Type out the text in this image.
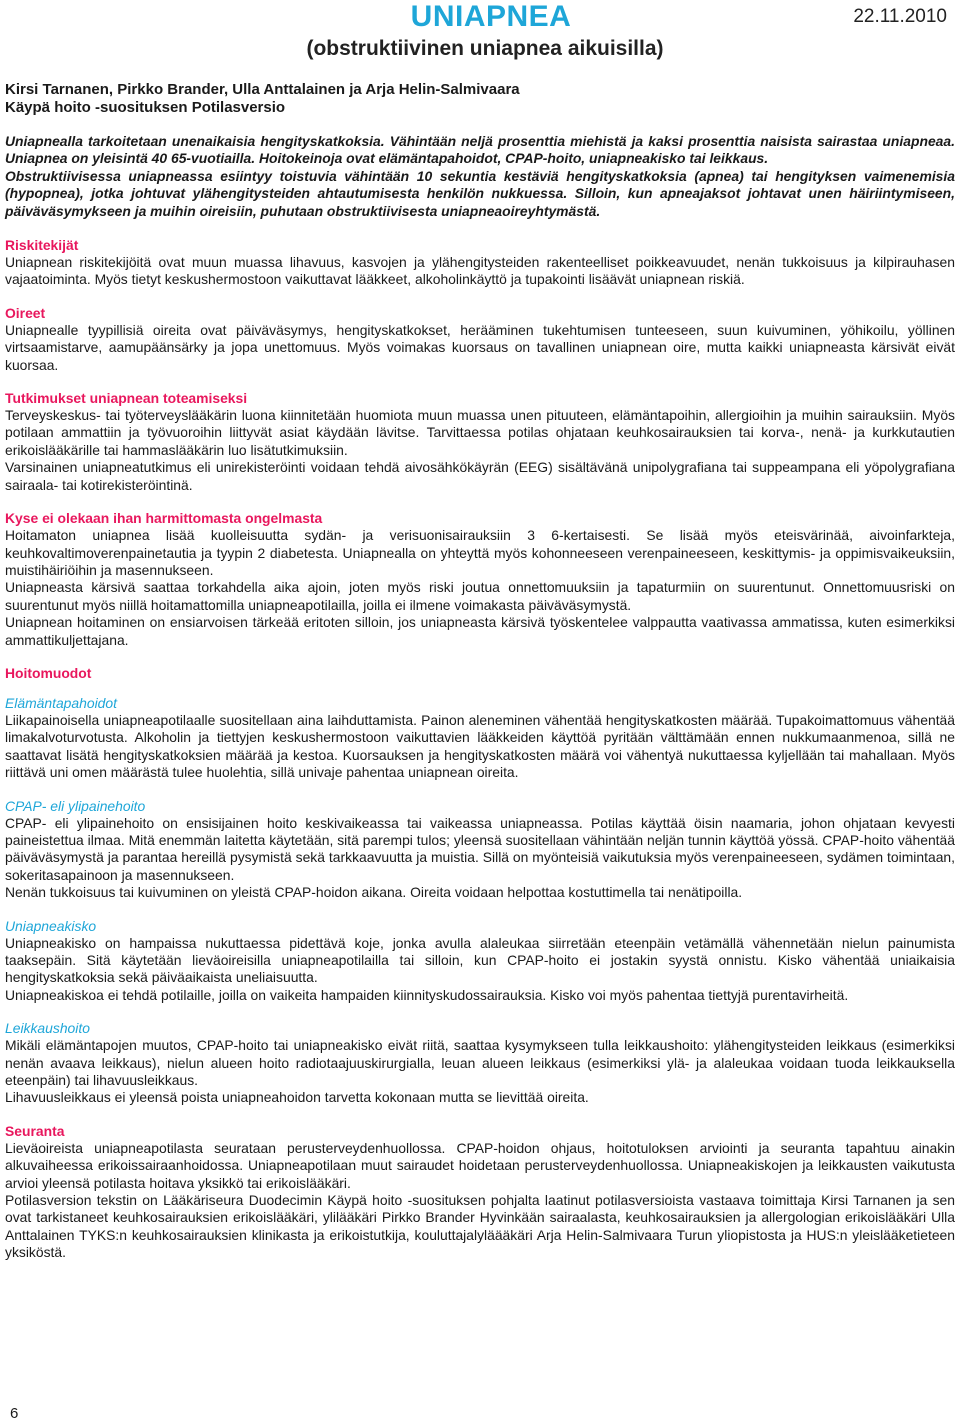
UNIAPNEA
(obstruktiivinen uniapnea aikuisilla)
22.11.2010
Kirsi Tarnanen, Pirkko Brander, Ulla Anttalainen ja Arja Helin-Salmivaara
Käypä hoito -suosituksen Potilasversio

Uniapnealla tarkoitetaan unenaikaisia hengityskatkoksia. Vähintään neljä prosenttia miehistä ja kaksi prosenttia naisista sairastaa uniapneaa. Uniapnea on yleisintä 40 65-vuotiailla. Hoitokeinoja ovat elämäntapahoidot, CPAP-hoito, uniapneakisko tai leikkaus.

Obstruktiivisessa uniapneassa esiintyy toistuvia vähintään 10 sekuntia kestäviä hengityskatkoksia (apnea) tai hengityksen vaimenemisia (hypopnea), jotka johtuvat ylähengitysteiden ahtautumisesta henkilön nukkuessa. Silloin, kun apneajaksot johtavat unen häiriintymiseen, päiväväsymykseen ja muihin oireisiin, puhutaan obstruktiivisesta uniapneaoireyhtymästä.

Riskitekijät

Uniapnean riskitekijöitä ovat muun muassa lihavuus, kasvojen ja ylähengitysteiden rakenteelliset poikkeavuudet, nenän tukkoisuus ja kilpirauhasen vajaatoiminta. Myös tietyt keskushermostoon vaikuttavat lääkkeet, alkoholinkäyttö ja tupakointi lisäävät uniapnean riskiä.

Oireet

Uniapnealle tyypillisiä oireita ovat päiväväsymys, hengityskatkokset, herääminen tukehtumisen tunteeseen, suun kuivuminen, yöhikoilu, yöllinen virtsaamistarve, aamupäänsärky ja jopa unettomuus. Myös voimakas kuorsaus on tavallinen uniapnean oire, mutta kaikki uniapneasta kärsivät eivät kuorsaa.

Tutkimukset uniapnean toteamiseksi

Terveyskeskus- tai työterveyslääkärin luona kiinnitetään huomiota muun muassa unen pituuteen, elämäntapoihin, allergioihin ja muihin sairauksiin. Myös potilaan ammattiin ja työvuoroihin liittyvät asiat käydään lävitse. Tarvittaessa potilas ohjataan keuhkosairauksien tai korva-, nenä- ja kurkkutautien erikoislääkärille tai hammaslääkärin luo lisätutkimuksiin.

Varsinainen uniapneatutkimus eli unirekisteröinti voidaan tehdä aivosähkökäyrän (EEG) sisältävänä unipolygrafiana tai suppeampana eli yöpolygrafiana sairaala- tai kotirekisteröintinä.

Kyse ei olekaan ihan harmittomasta ongelmasta

Hoitamaton uniapnea lisää kuolleisuutta sydän- ja verisuonisairauksiin 3 6-kertaisesti. Se lisää myös eteisvärinää, aivoinfarkteja, keuhkovaltimoverenpainetautia ja tyypin 2 diabetesta. Uniapnealla on yhteyttä myös kohonneeseen verenpaineeseen, keskittymis- ja oppimisvaikeuksiin, muistihäiriöihin ja masennukseen.

Uniapneasta kärsivä saattaa torkahdella aika ajoin, joten myös riski joutua onnettomuuksiin ja tapaturmiin on suurentunut. Onnettomuusriski on suurentunut myös niillä hoitamattomilla uniapneapotilailla, joilla ei ilmene voimakasta päiväväsymystä.

Uniapnean hoitaminen on ensiarvoisen tärkeää eritoten silloin, jos uniapneasta kärsivä työskentelee valppautta vaativassa ammatissa, kuten esimerkiksi ammattikuljettajana.

Hoitomuodot
Elämäntapahoidot

Liikapainoisella uniapneapotilaalle suositellaan aina laihduttamista. Painon aleneminen vähentää hengityskatkosten määrää. Tupakoimattomuus vähentää limakalvoturvotusta. Alkoholin ja tiettyjen keskushermostoon vaikuttavien lääkkeiden käyttöä pyritään välttämään ennen nukkumaanmenoa, sillä ne saattavat lisätä hengityskatkoksien määrää ja kestoa. Kuorsauksen ja hengityskatkosten määrä voi vähentyä nukuttaessa kyljellään tai mahallaan. Myös riittävä uni omen määrästä tulee huolehtia, sillä univaje pahentaa uniapnean oireita.

CPAP- eli ylipainehoito

CPAP- eli ylipainehoito on ensisijainen hoito keskivaikeassa tai vaikeassa uniapneassa. Potilas käyttää öisin naamaria, johon ohjataan kevyesti paineistettua ilmaa. Mitä enemmän laitetta käytetään, sitä parempi tulos; yleensä suositellaan vähintään neljän tunnin käyttöä yössä. CPAP-hoito vähentää päiväväsymystä ja parantaa hereillä pysymistä sekä tarkkaavuutta ja muistia. Sillä on myönteisiä vaikutuksia myös verenpaineeseen, sydämen toimintaan, sokeritasapainoon ja masennukseen.

Nenän tukkoisuus tai kuivuminen on yleistä CPAP-hoidon aikana. Oireita voidaan helpottaa kostuttimella tai nenätipoilla.

Uniapneakisko

Uniapneakisko on hampaissa nukuttaessa pidettävä koje, jonka avulla alaleukaa siirretään eteenpäin vetämällä vähennetään nielun painumista taaksepäin. Sitä käytetään lieväoireisilla uniapneapotilailla tai silloin, kun CPAP-hoito ei jostakin syystä onnistu. Kisko vähentää uniaikaisia hengityskatkoksia sekä päiväaikaista uneliaisuutta.

Uniapneakiskoa ei tehdä potilaille, joilla on vaikeita hampaiden kiinnityskudossairauksia. Kisko voi myös pahentaa tiettyjä purentavirheitä.

Leikkaushoito

Mikäli elämäntapojen muutos, CPAP-hoito tai uniapneakisko eivät riitä, saattaa kysymykseen tulla leikkaushoito: ylähengitysteiden leikkaus (esimerkiksi nenän avaava leikkaus), nielun alueen hoito radiotaajuuskirurgialla, leuan alueen leikkaus (esimerkiksi ylä- ja alaleukaa voidaan tuoda leikkauksella eteenpäin) tai lihavuusleikkaus.

Lihavuusleikkaus ei yleensä poista uniapneahoidon tarvetta kokonaan mutta se lievittää oireita.

Seuranta

Lieväoireista uniapneapotilasta seurataan perusterveydenhuollossa. CPAP-hoidon ohjaus, hoitotuloksen arviointi ja seuranta tapahtuu ainakin alkuvaiheessa erikoissairaanhoidossa. Uniapneapotilaan muut sairaudet hoidetaan perusterveydenhuollossa. Uniapneakiskojen ja leikkausten vaikutusta arvioi yleensä potilasta hoitava yksikkö tai erikoislääkäri.

Potilasversion tekstin on Lääkäriseura Duodecimin Käypä hoito -suosituksen pohjalta laatinut potilasversioista vastaava toimittaja Kirsi Tarnanen ja sen ovat tarkistaneet keuhkosairauksien erikoislääkäri, ylilääkäri Pirkko Brander Hyvinkään sairaalasta, keuhkosairauksien ja allergologian erikoislääkäri Ulla Anttalainen TYKS:n keuhkosairauksien klinikasta ja erikoistutkija, kouluttajalyläääkäri Arja Helin-Salmivaara Turun yliopistosta ja HUS:n yleislääketieteen yksiköstä.

6
